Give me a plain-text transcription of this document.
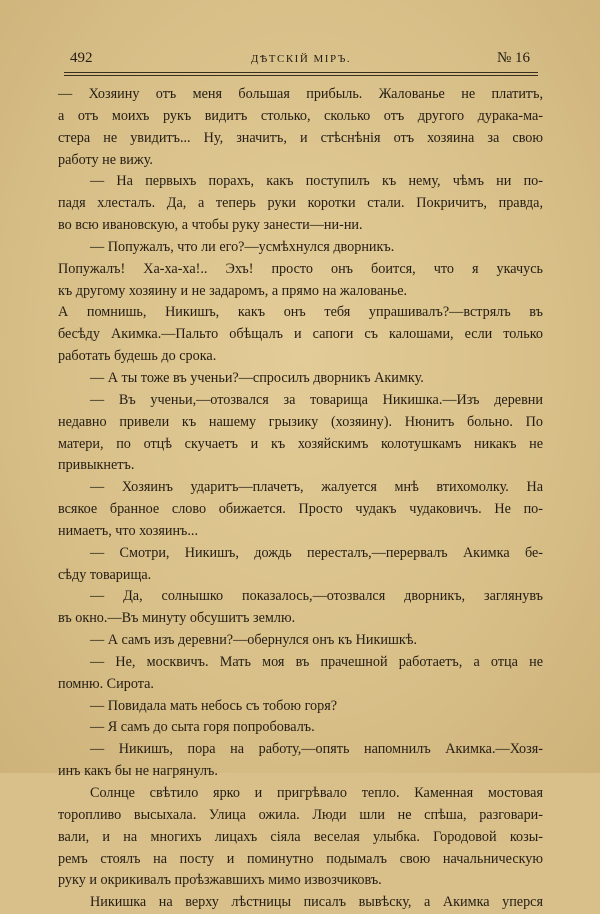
492	ДѢТСКІЙ МІРЪ.	№ 16
— Хозяину отъ меня большая прибыль. Жалованье не платитъ,
а отъ моихъ рукъ видитъ столько, сколько отъ другого дурака-ма-
стера не увидитъ... Ну, значитъ, и стѣснѣнія отъ хозяина за свою
работу не вижу.
— На первыхъ порахъ, какъ поступилъ къ нему, чѣмъ ни по-
падя хлесталъ. Да, а теперь руки коротки стали. Покричитъ, правда,
во всю ивановскую, а чтобы руку занести—ни-ни.
— Попужалъ, что ли его?—усмѣхнулся дворникъ.
Попужалъ! Ха-ха-ха!.. Эхъ! просто онъ боится, что я укачусь
къ другому хозяину и не задаромъ, а прямо на жалованье.
А помнишь, Никишъ, какъ онъ тебя упрашивалъ?—встрялъ въ
бесѣду Акимка.—Пальто обѣщалъ и сапоги съ калошами, если только
работать будешь до срока.
— А ты тоже въ ученьи?—спросилъ дворникъ Акимку.
— Въ ученьи,—отозвался за товарища Никишка.—Изъ деревни
недавно привели къ нашему грызику (хозяину). Нюнитъ больно. По
матери, по отцѣ скучаетъ и къ хозяйскимъ колотушкамъ никакъ не
привыкнетъ.
— Хозяинъ ударитъ—плачетъ, жалуется мнѣ втихомолку. На
всякое бранное слово обижается. Просто чудакъ чудаковичъ. Не по-
нимаетъ, что хозяинъ...
— Смотри, Никишъ, дождь пересталъ,—перервалъ Акимка бе-
сѣду товарища.
— Да, солнышко показалось,—отозвался дворникъ, заглянувъ
въ окно.—Въ минуту обсушитъ землю.
— А самъ изъ деревни?—обернулся онъ къ Никишкѣ.
— Не, москвичъ. Мать моя въ прачешной работаетъ, а отца не
помню. Сирота.
— Повидала мать небось съ тобою горя?
— Я самъ до сыта горя попробовалъ.
— Никишъ, пора на работу,—опять напомнилъ Акимка.—Хозя-
инъ какъ бы не нагрянулъ.
Солнце свѣтило ярко и пригрѣвало тепло. Каменная мостовая
торопливо высыхала. Улица ожила. Люди шли не спѣша, разговари-
вали, и на многихъ лицахъ сіяла веселая улыбка. Городовой козы-
ремъ стоялъ на посту и поминутно подымалъ свою начальническую
руку и окрикивалъ проѣзжавшихъ мимо извозчиковъ.
Никишка на верху лѣстницы писалъ вывѣску, а Акимка уперся
